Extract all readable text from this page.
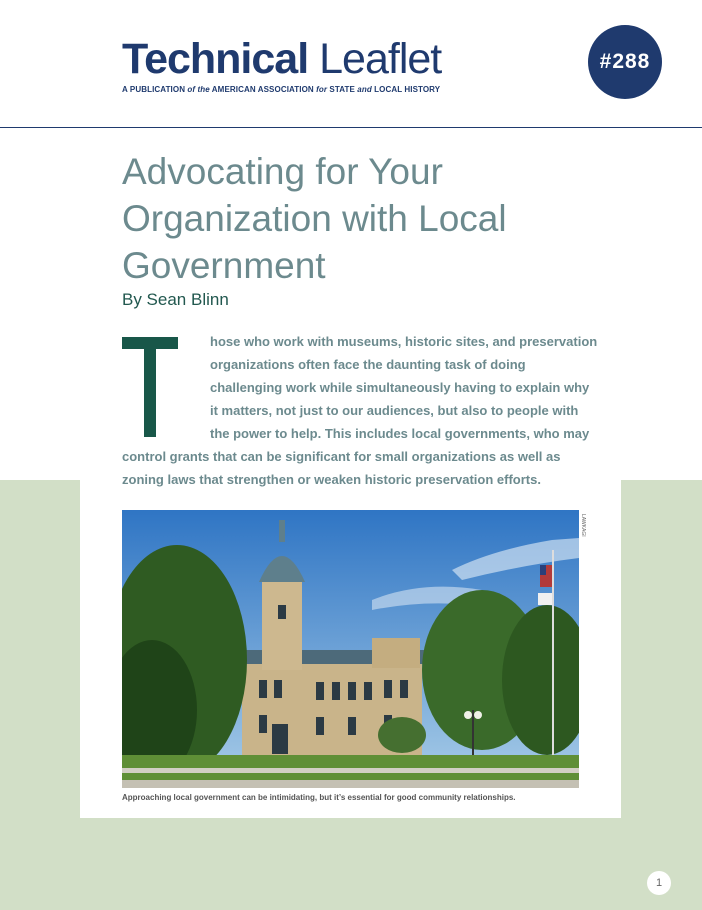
Technical Leaflet
A PUBLICATION of the AMERICAN ASSOCIATION for STATE and LOCAL HISTORY
#288
Advocating for Your Organization with Local Government
By Sean Blinn
hose who work with museums, historic sites, and preservation
organizations often face the daunting task of doing
challenging work while simultaneously having to explain why
it matters, not just to our audiences, but also to people with
the power to help. This includes local governments, who may
control grants that can be significant for small organizations as well as
zoning laws that strengthen or weaken historic preservation efforts.
LAWKAGI
Approaching local government can be intimidating, but it’s essential for good community relationships.
1
